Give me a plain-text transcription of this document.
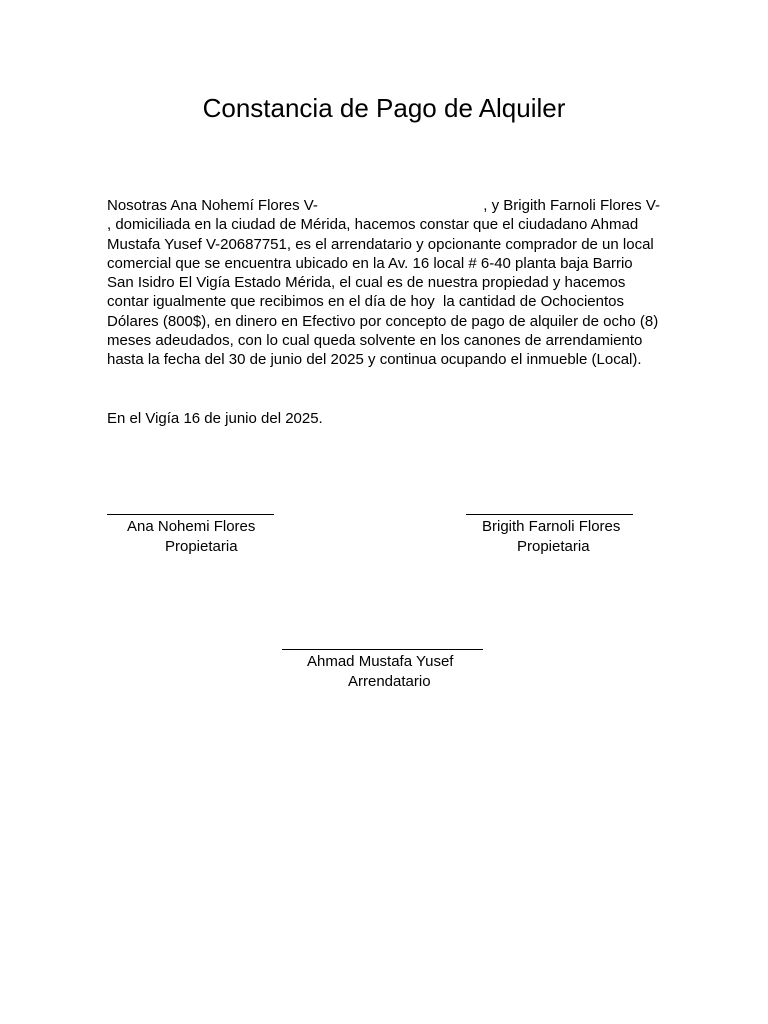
Constancia de Pago de Alquiler
Nosotras Ana Nohemí Flores V-	, y Brigith Farnoli Flores V-
, domiciliada en la ciudad de Mérida, hacemos constar que el ciudadano Ahmad
Mustafa Yusef V-20687751, es el arrendatario y opcionante comprador de un local
comercial que se encuentra ubicado en la Av. 16 local # 6-40 planta baja Barrio
San Isidro El Vigía Estado Mérida, el cual es de nuestra propiedad y hacemos
contar igualmente que recibimos en el día de hoy  la cantidad de Ochocientos
Dólares (800$), en dinero en Efectivo por concepto de pago de alquiler de ocho (8)
meses adeudados, con lo cual queda solvente en los canones de arrendamiento
hasta la fecha del 30 de junio del 2025 y continua ocupando el inmueble (Local).
En el Vigía 16 de junio del 2025.
Ana Nohemi Flores
Propietaria
Brigith Farnoli Flores
Propietaria
Ahmad Mustafa Yusef
Arrendatario
